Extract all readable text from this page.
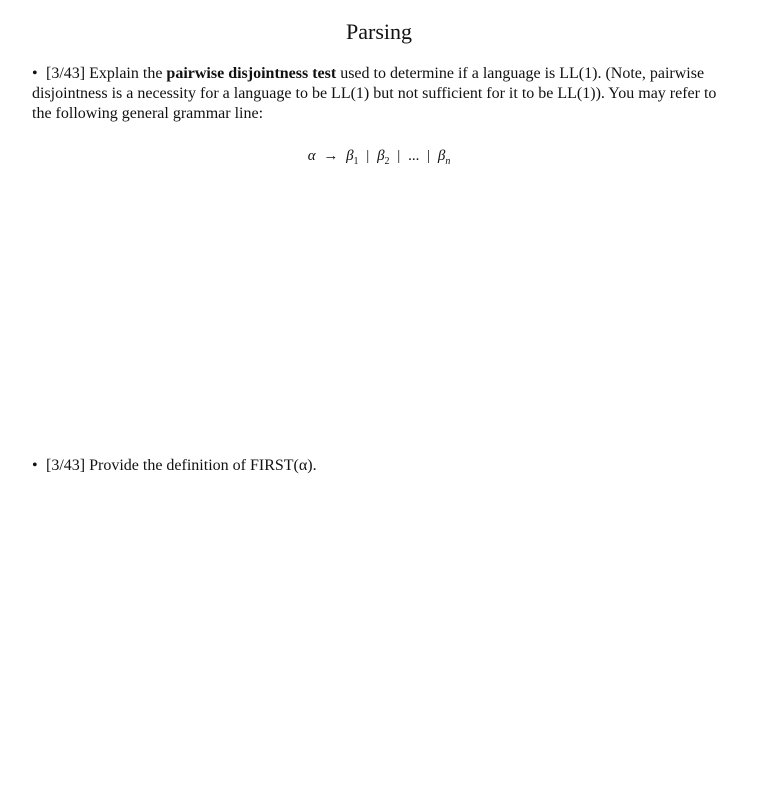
Parsing
• [3/43] Explain the pairwise disjointness test used to determine if a language is LL(1). (Note, pairwise disjointness is a necessity for a language to be LL(1) but not sufficient for it to be LL(1)). You may refer to the following general grammar line:
$\alpha \to \beta_1$ | $\beta_2$ | ... | $\beta_n$
• [3/43] Provide the definition of FIRST(α).
